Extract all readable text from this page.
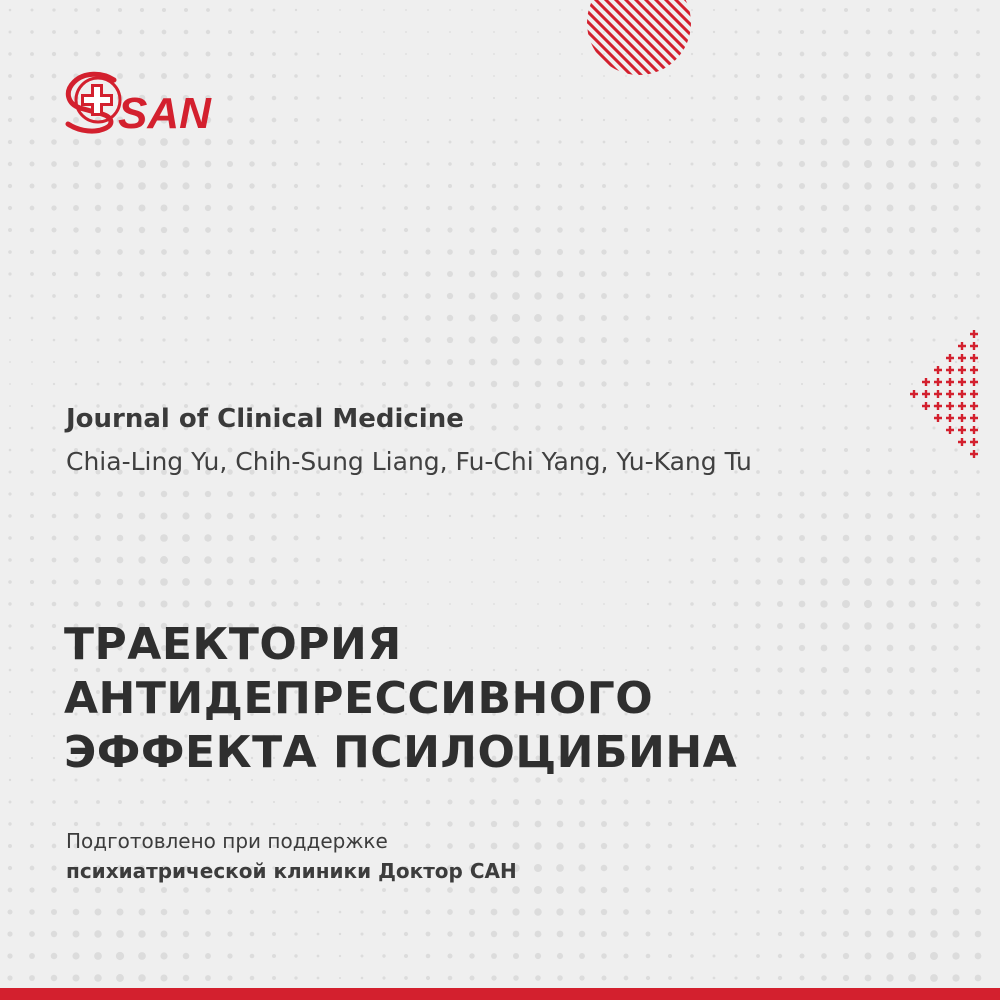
SAN
Journal of Clinical Medicine
Chia-Ling Yu, Chih-Sung Liang, Fu-Chi Yang, Yu-Kang Tu
ТРАЕКТОРИЯ
АНТИДЕПРЕССИВНОГО
ЭФФЕКТА ПСИЛОЦИБИНА
Подготовлено при поддержке
психиатрической клиники Доктор САН
